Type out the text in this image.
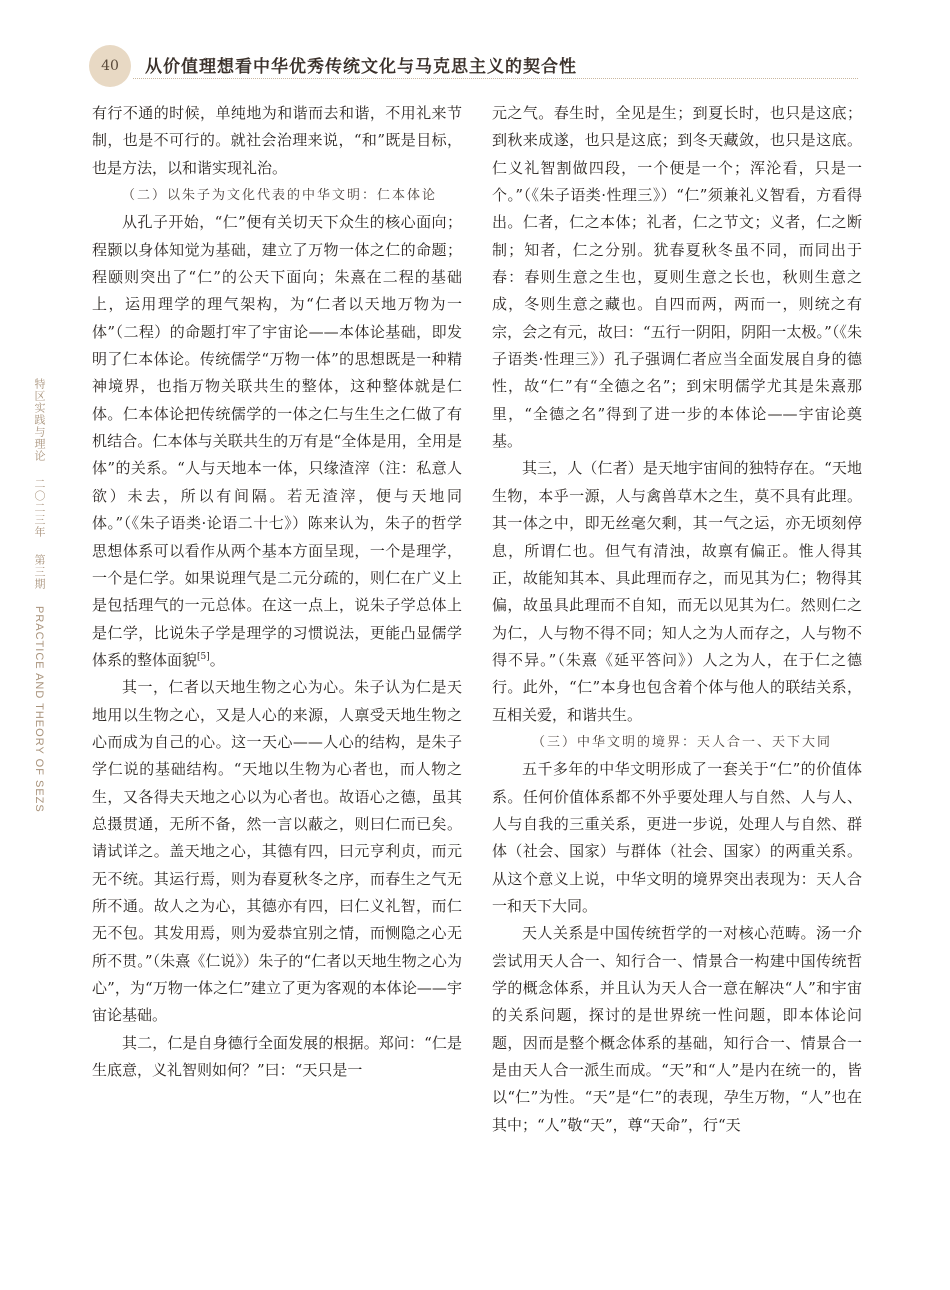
40	从价值理想看中华优秀传统文化与马克思主义的契合性
特区实践与理论 二〇二三年 第三期 PRACTICE AND THEORY OF SEZS

有行不通的时候，单纯地为和谐而去和谐，不用礼来节制，也是不可行的。就社会治理来说，“和”既是目标，也是方法，以和谐实现礼治。

（二）以朱子为文化代表的中华文明：仁本体论

从孔子开始，“仁”便有关切天下众生的核心面向；程颢以身体知觉为基础，建立了万物一体之仁的命题；程颐则突出了“仁”的公天下面向；朱熹在二程的基础上，运用理学的理气架构，为“仁者以天地万物为一体”（二程）的命题打牢了宇宙论——本体论基础，即发明了仁本体论。传统儒学“万物一体”的思想既是一种精神境界，也指万物关联共生的整体，这种整体就是仁体。仁本体论把传统儒学的一体之仁与生生之仁做了有机结合。仁本体与关联共生的万有是“全体是用，全用是体”的关系。“人与天地本一体，只缘渣滓（注：私意人欲）未去，所以有间隔。若无渣滓，便与天地同体。”（《朱子语类·论语二十七》）陈来认为，朱子的哲学思想体系可以看作从两个基本方面呈现，一个是理学，一个是仁学。如果说理气是二元分疏的，则仁在广义上是包括理气的一元总体。在这一点上，说朱子学总体上是仁学，比说朱子学是理学的习惯说法，更能凸显儒学体系的整体面貌[5]。

其一，仁者以天地生物之心为心。朱子认为仁是天地用以生物之心，又是人心的来源，人禀受天地生物之心而成为自己的心。这一天心——人心的结构，是朱子学仁说的基础结构。“天地以生物为心者也，而人物之生，又各得夫天地之心以为心者也。故语心之德，虽其总摄贯通，无所不备，然一言以蔽之，则曰仁而已矣。请试详之。盖天地之心，其德有四，曰元亨利贞，而元无不统。其运行焉，则为春夏秋冬之序，而春生之气无所不通。故人之为心，其德亦有四，曰仁义礼智，而仁无不包。其发用焉，则为爱恭宜别之情，而恻隐之心无所不贯。”（朱熹《仁说》）朱子的“仁者以天地生物之心为心”，为“万物一体之仁”建立了更为客观的本体论——宇宙论基础。

其二，仁是自身德行全面发展的根据。郑问：“仁是生底意，义礼智则如何？”曰：“天只是一

元之气。春生时，全见是生；到夏长时，也只是这底；到秋来成遂，也只是这底；到冬天藏敛，也只是这底。仁义礼智割做四段，一个便是一个；浑沦看，只是一个。”（《朱子语类·性理三》）“仁”须兼礼义智看，方看得出。仁者，仁之本体；礼者，仁之节文；义者，仁之断制；知者，仁之分别。犹春夏秋冬虽不同，而同出于春：春则生意之生也，夏则生意之长也，秋则生意之成，冬则生意之藏也。自四而两，两而一，则统之有宗，会之有元，故曰：“五行一阴阳，阴阳一太极。”（《朱子语类·性理三》）孔子强调仁者应当全面发展自身的德性，故“仁”有“全德之名”；到宋明儒学尤其是朱熹那里，“全德之名”得到了进一步的本体论——宇宙论奠基。

其三，人（仁者）是天地宇宙间的独特存在。“天地生物，本乎一源，人与禽兽草木之生，莫不具有此理。其一体之中，即无丝毫欠剩，其一气之运，亦无顷刻停息，所谓仁也。但气有清浊，故禀有偏正。惟人得其正，故能知其本、具此理而存之，而见其为仁；物得其偏，故虽具此理而不自知，而无以见其为仁。然则仁之为仁，人与物不得不同；知人之为人而存之，人与物不得不异。”（朱熹《延平答问》）人之为人，在于仁之德行。此外，“仁”本身也包含着个体与他人的联结关系，互相关爱，和谐共生。

（三）中华文明的境界：天人合一、天下大同

五千多年的中华文明形成了一套关于“仁”的价值体系。任何价值体系都不外乎要处理人与自然、人与人、人与自我的三重关系，更进一步说，处理人与自然、群体（社会、国家）与群体（社会、国家）的两重关系。从这个意义上说，中华文明的境界突出表现为：天人合一和天下大同。

天人关系是中国传统哲学的一对核心范畴。汤一介尝试用天人合一、知行合一、情景合一构建中国传统哲学的概念体系，并且认为天人合一意在解决“人”和宇宙的关系问题，探讨的是世界统一性问题，即本体论问题，因而是整个概念体系的基础，知行合一、情景合一是由天人合一派生而成。“天”和“人”是内在统一的，皆以“仁”为性。“天”是“仁”的表现，孕生万物，“人”也在其中；“人”敬“天”，尊“天命”，行“天
